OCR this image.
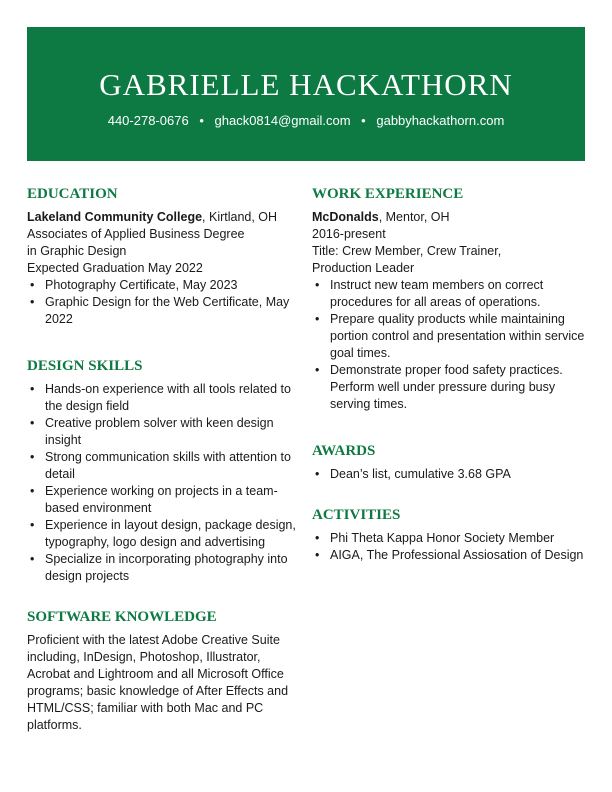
GABRIELLE HACKATHORN
440-278-0676 • ghack0814@gmail.com • gabbyhackathorn.com
EDUCATION
Lakeland Community College, Kirtland, OH
Associates of Applied Business Degree
in Graphic Design
Expected Graduation May 2022
• Photography Certificate, May 2023
• Graphic Design for the Web Certificate, May 2022
DESIGN SKILLS
• Hands-on experience with all tools related to the design field
• Creative problem solver with keen design insight
• Strong communication skills with attention to detail
• Experience working on projects in a team-based environment
• Experience in layout design, package design, typography, logo design and advertising
• Specialize in incorporating photography into design projects
SOFTWARE KNOWLEDGE
Proficient with the latest Adobe Creative Suite including, InDesign, Photoshop, Illustrator, Acrobat and Lightroom and all Microsoft Office programs; basic knowledge of After Effects and HTML/CSS; familiar with both Mac and PC platforms.
WORK EXPERIENCE
McDonalds, Mentor, OH
2016-present
Title: Crew Member, Crew Trainer,
Production Leader
• Instruct new team members on correct procedures for all areas of operations.
• Prepare quality products while maintaining portion control and presentation within service goal times.
• Demonstrate proper food safety practices. Perform well under pressure during busy serving times.
AWARDS
• Dean’s list, cumulative 3.68 GPA
ACTIVITIES
• Phi Theta Kappa Honor Society Member
• AIGA, The Professional Assiosation of Design
